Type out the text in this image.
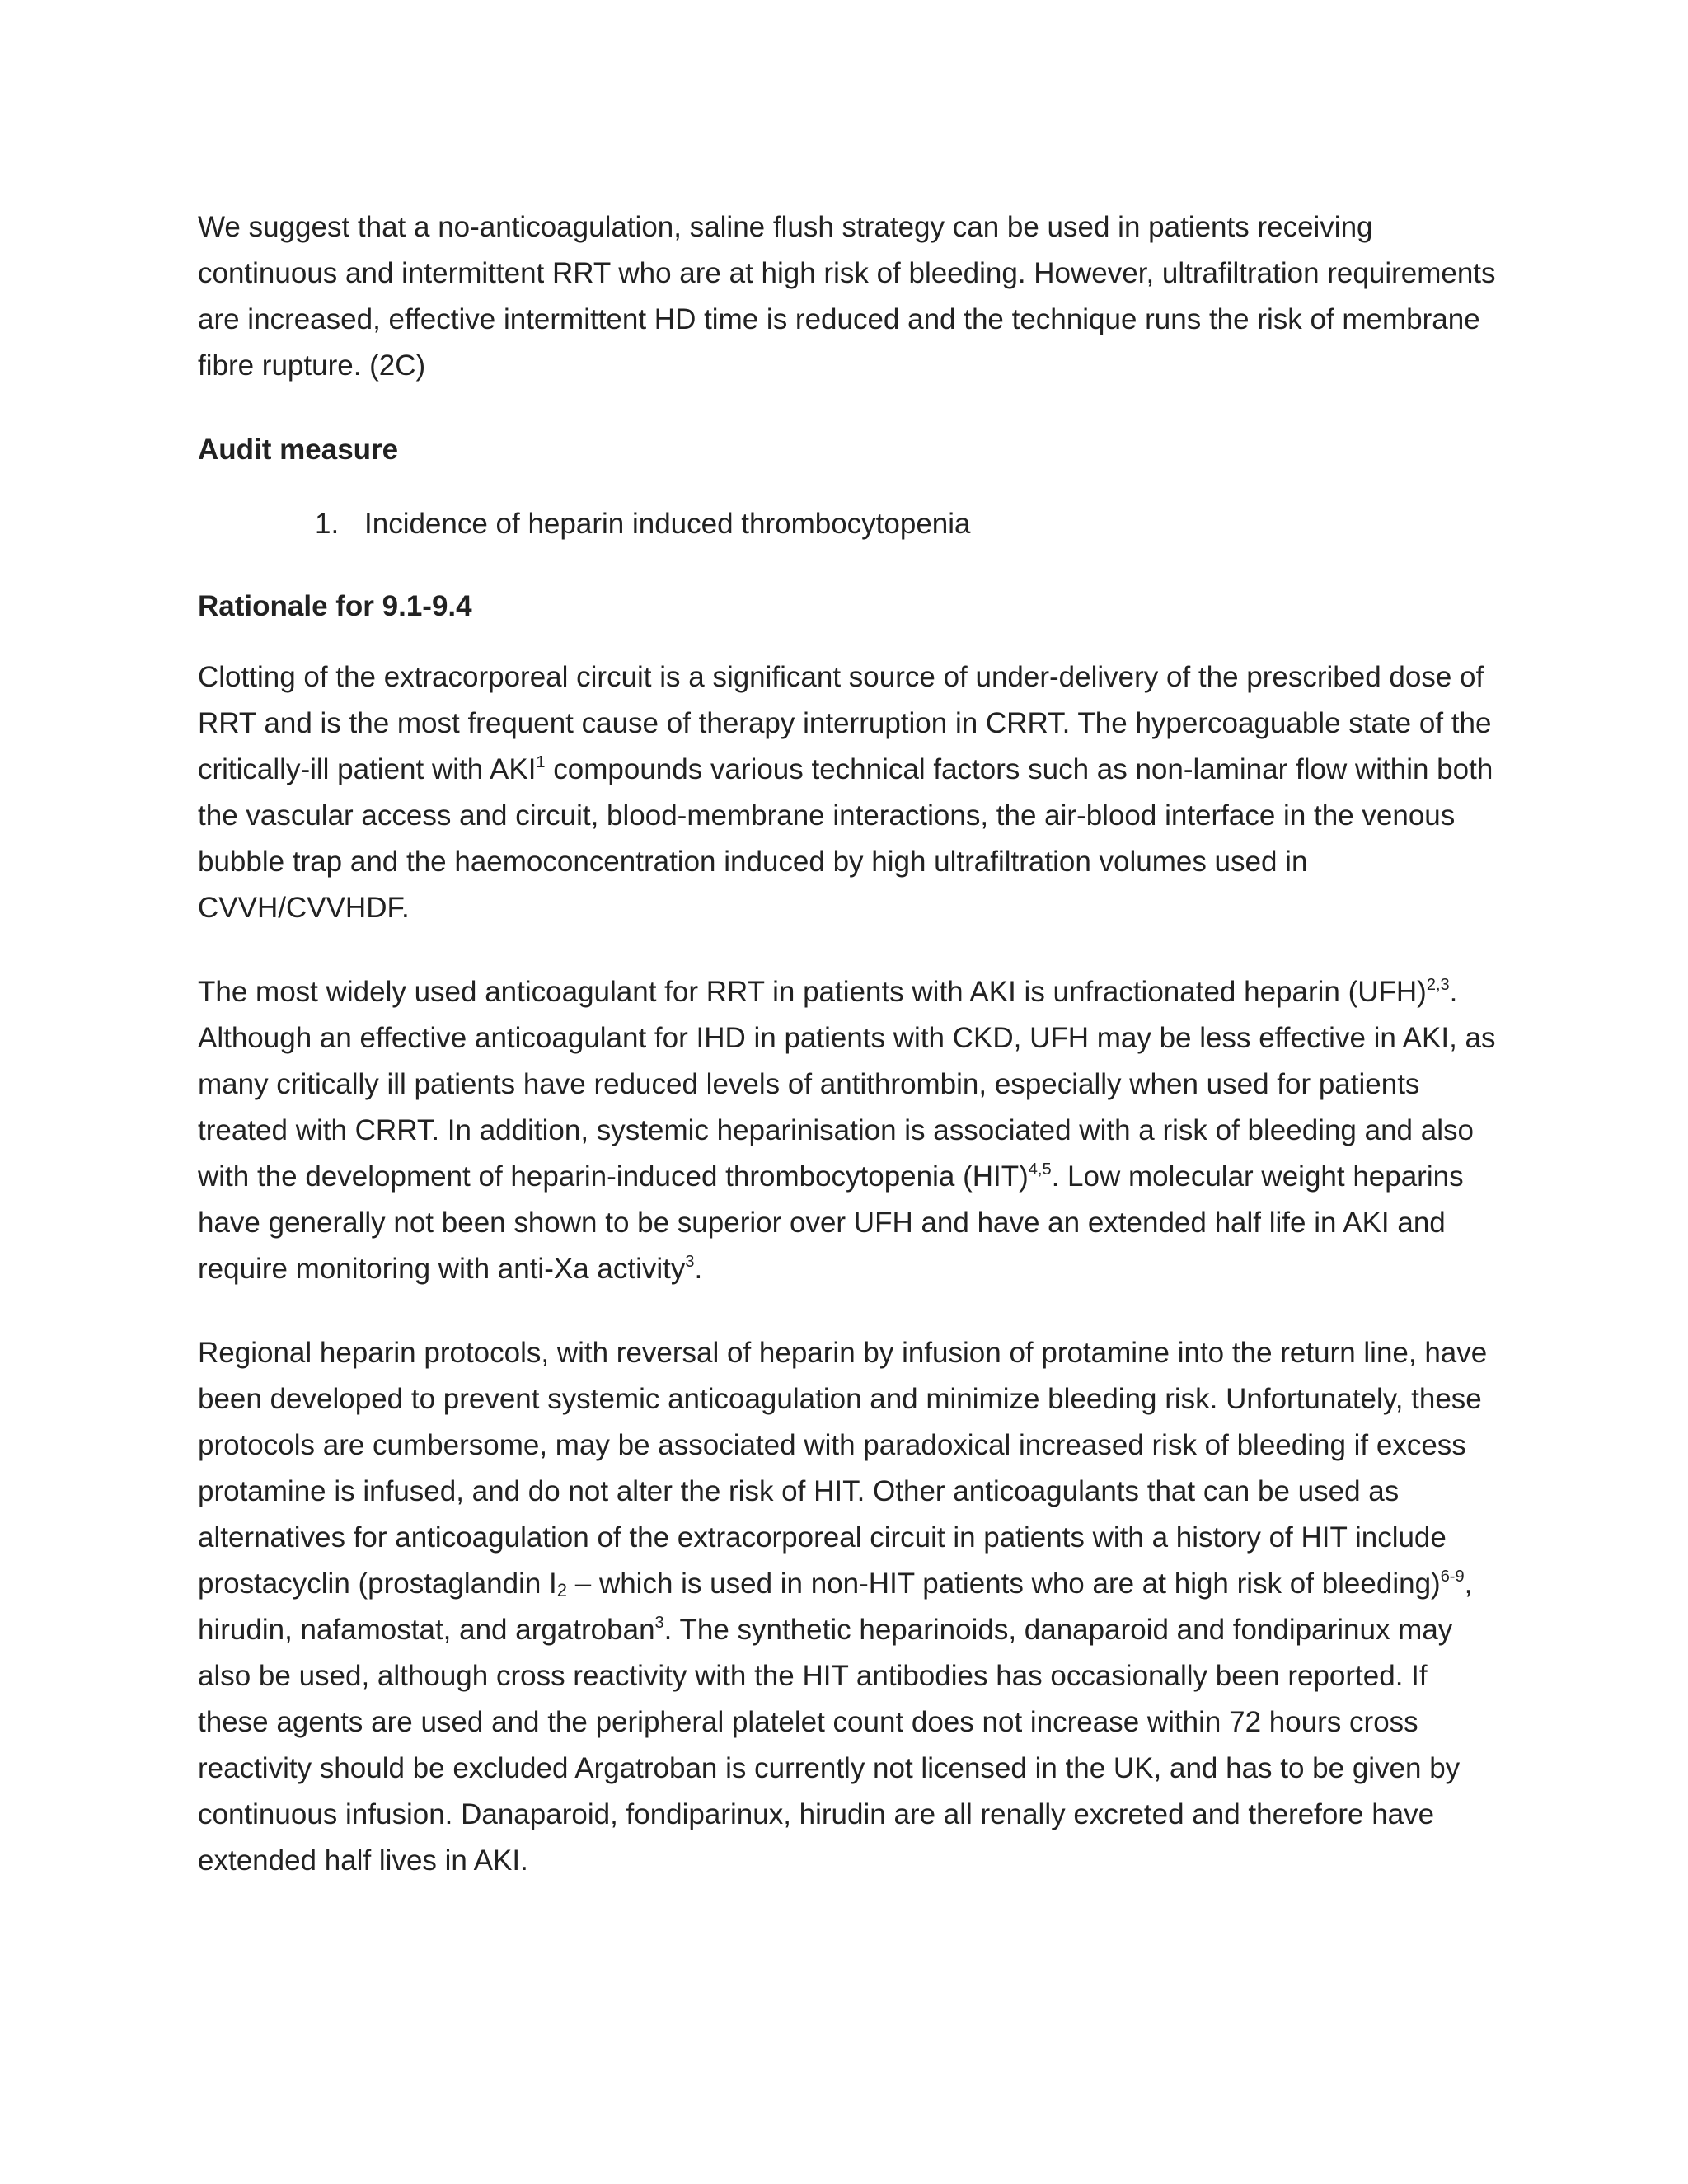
We suggest that a no-anticoagulation, saline flush strategy can be used in patients receiving continuous and intermittent RRT who are at high risk of bleeding. However, ultrafiltration requirements are increased, effective intermittent HD time is reduced and the technique runs the risk of membrane fibre rupture. (2C)

Audit measure
1. Incidence of heparin induced thrombocytopenia
Rationale for 9.1-9.4

Clotting of the extracorporeal circuit is a significant source of under-delivery of the prescribed dose of RRT and is the most frequent cause of therapy interruption in CRRT. The hypercoaguable state of the critically-ill patient with AKI$^1$ compounds various technical factors such as non-laminar flow within both the vascular access and circuit, blood-membrane interactions, the air-blood interface in the venous bubble trap and the haemoconcentration induced by high ultrafiltration volumes used in CVVH/CVVHDF.

The most widely used anticoagulant for RRT in patients with AKI is unfractionated heparin (UFH)$^{2,3}$. Although an effective anticoagulant for IHD in patients with CKD, UFH may be less effective in AKI, as many critically ill patients have reduced levels of antithrombin, especially when used for patients treated with CRRT. In addition, systemic heparinisation is associated with a risk of bleeding and also with the development of heparin-induced thrombocytopenia (HIT)$^{4,5}$. Low molecular weight heparins have generally not been shown to be superior over UFH and have an extended half life in AKI and require monitoring with anti-Xa activity$^3$.

Regional heparin protocols, with reversal of heparin by infusion of protamine into the return line, have been developed to prevent systemic anticoagulation and minimize bleeding risk. Unfortunately, these protocols are cumbersome, may be associated with paradoxical increased risk of bleeding if excess protamine is infused, and do not alter the risk of HIT. Other anticoagulants that can be used as alternatives for anticoagulation of the extracorporeal circuit in patients with a history of HIT include prostacyclin (prostaglandin $I_2$ – which is used in non-HIT patients who are at high risk of bleeding)$^{6-9}$, hirudin, nafamostat, and argatroban$^3$. The synthetic heparinoids, danaparoid and fondiparinux may also be used, although cross reactivity with the HIT antibodies has occasionally been reported. If these agents are used and the peripheral platelet count does not increase within 72 hours cross reactivity should be excluded Argatroban is currently not licensed in the UK, and has to be given by continuous infusion. Danaparoid, fondiparinux, hirudin are all renally excreted and therefore have extended half lives in AKI.
